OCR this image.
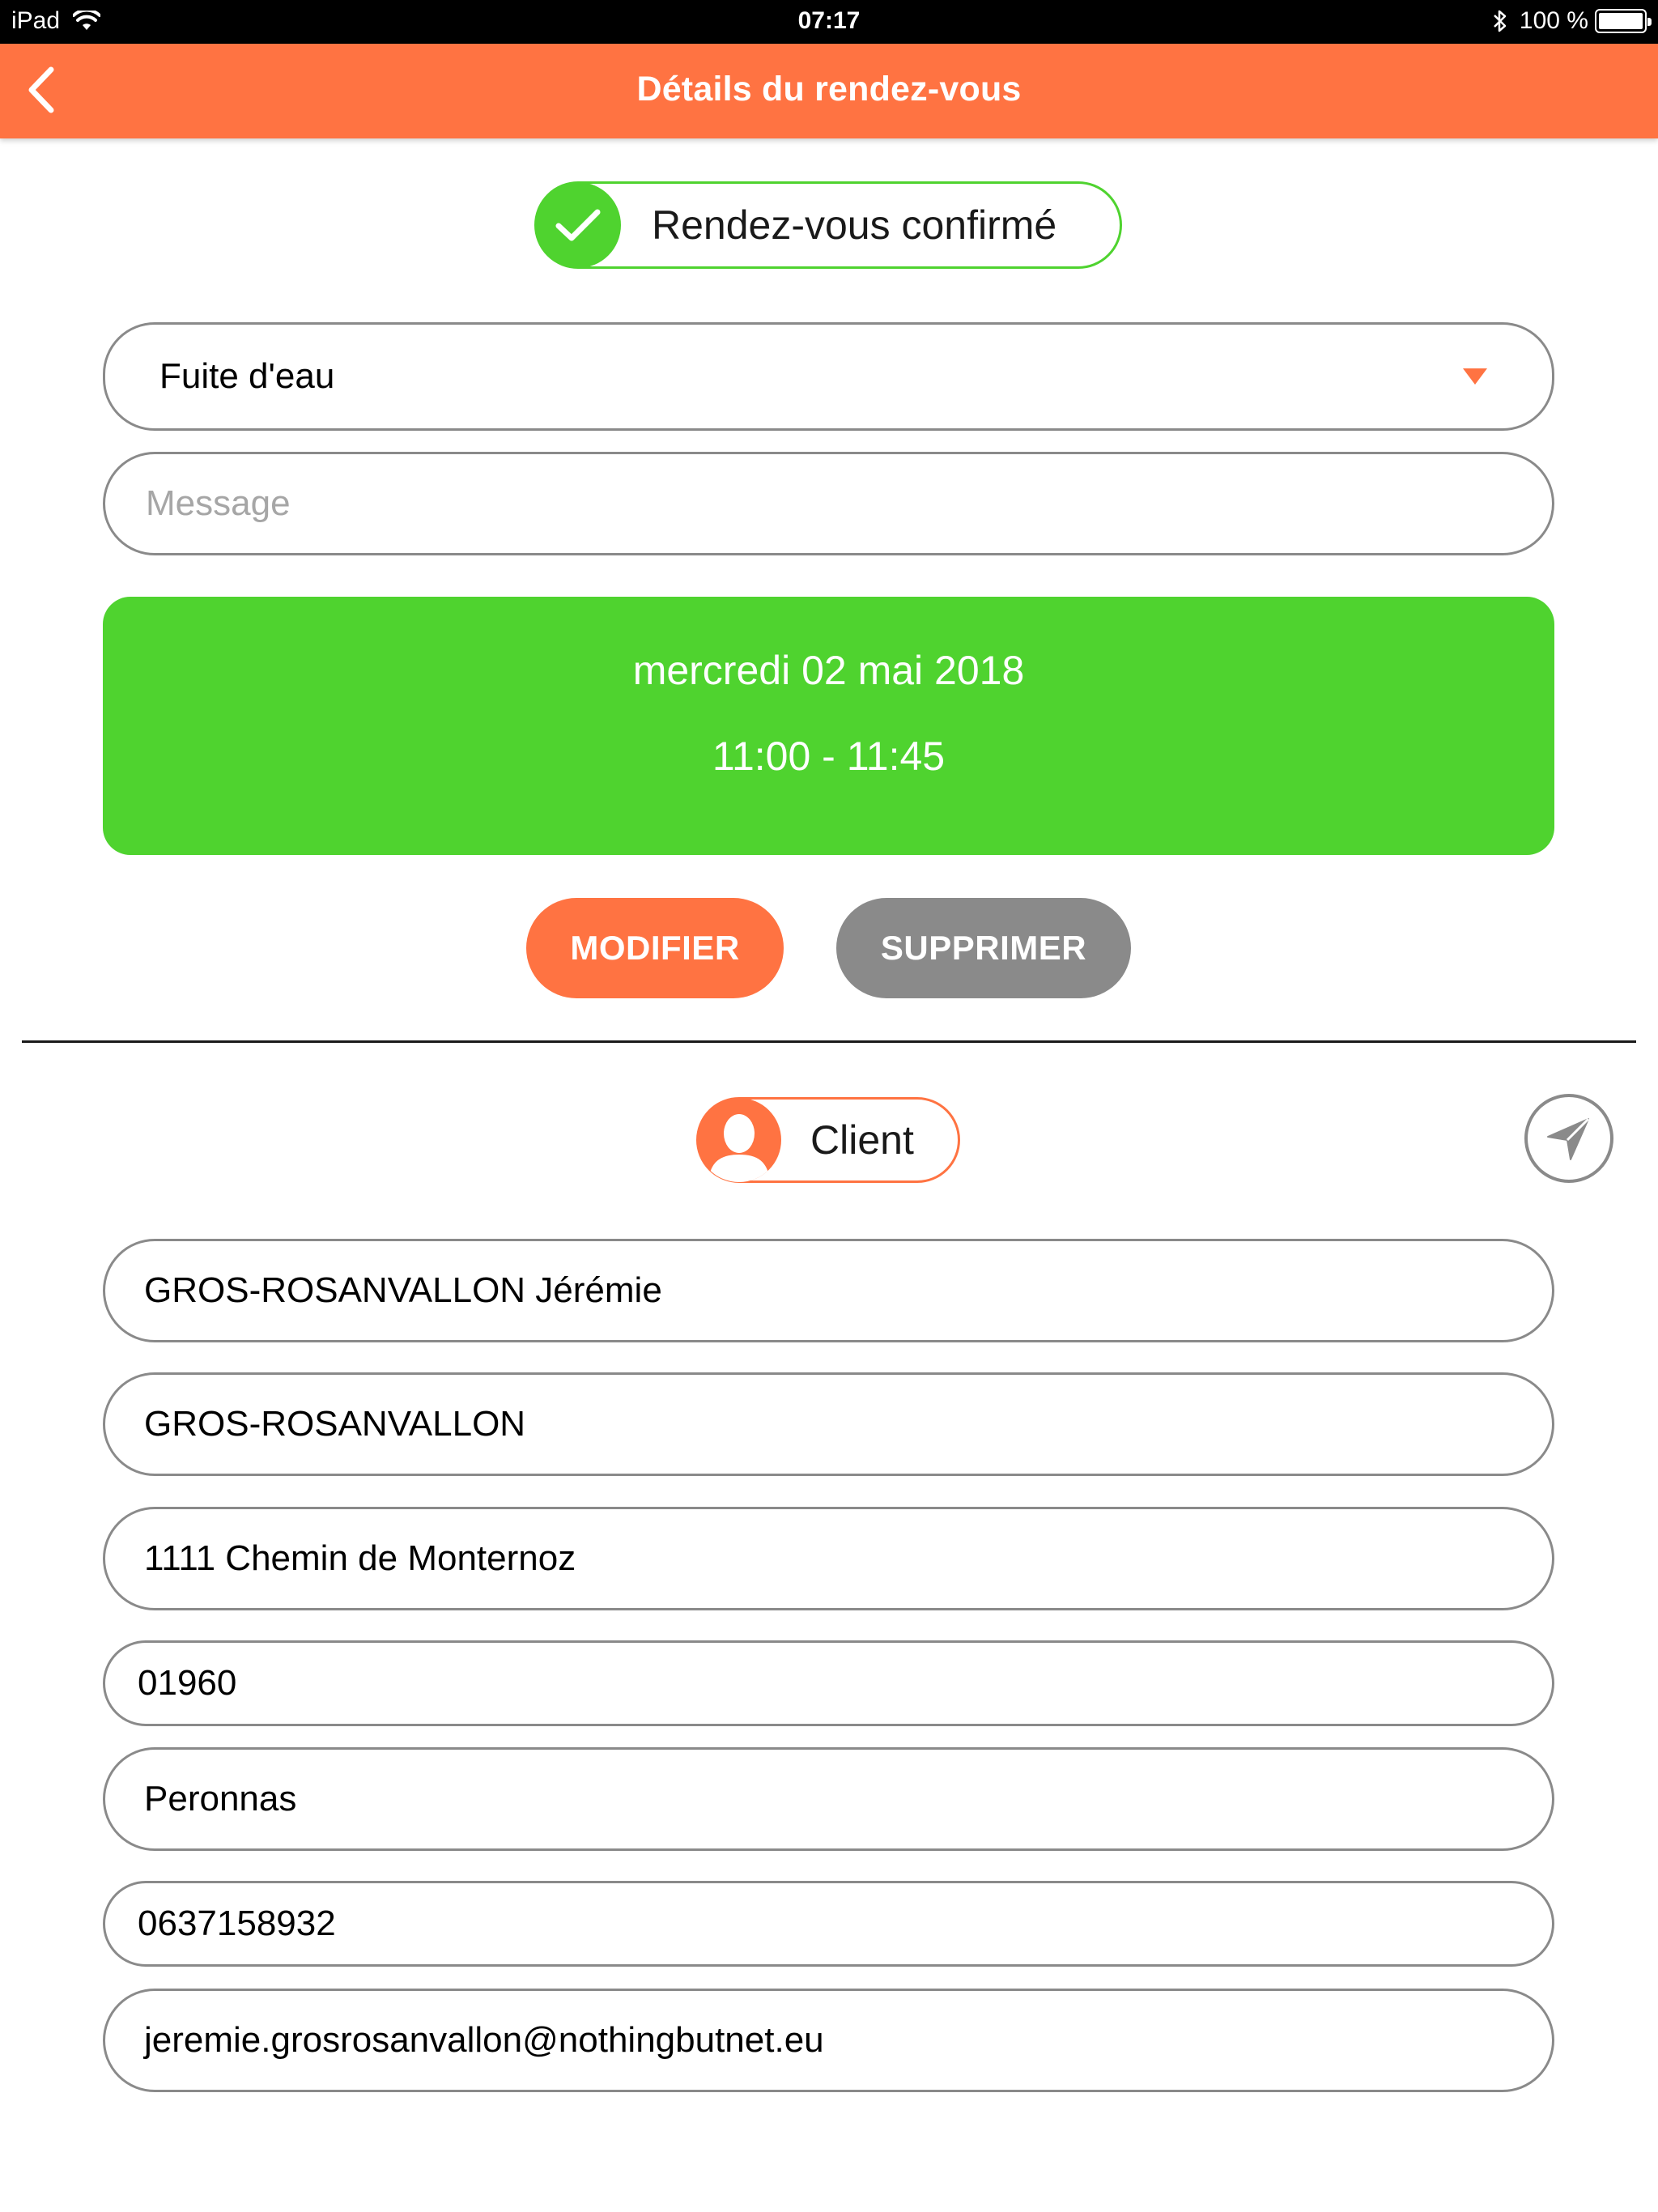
iPad	07:17	100 %
Détails du rendez-vous
Rendez-vous confirmé
Fuite d'eau
Message
mercredi 02 mai 2018
11:00 - 11:45
MODIFIER	SUPPRIMER
Client
GROS-ROSANVALLON Jérémie
GROS-ROSANVALLON
1111 Chemin de Monternoz
01960
Peronnas
0637158932
jeremie.grosrosanvallon@nothingbutnet.eu
